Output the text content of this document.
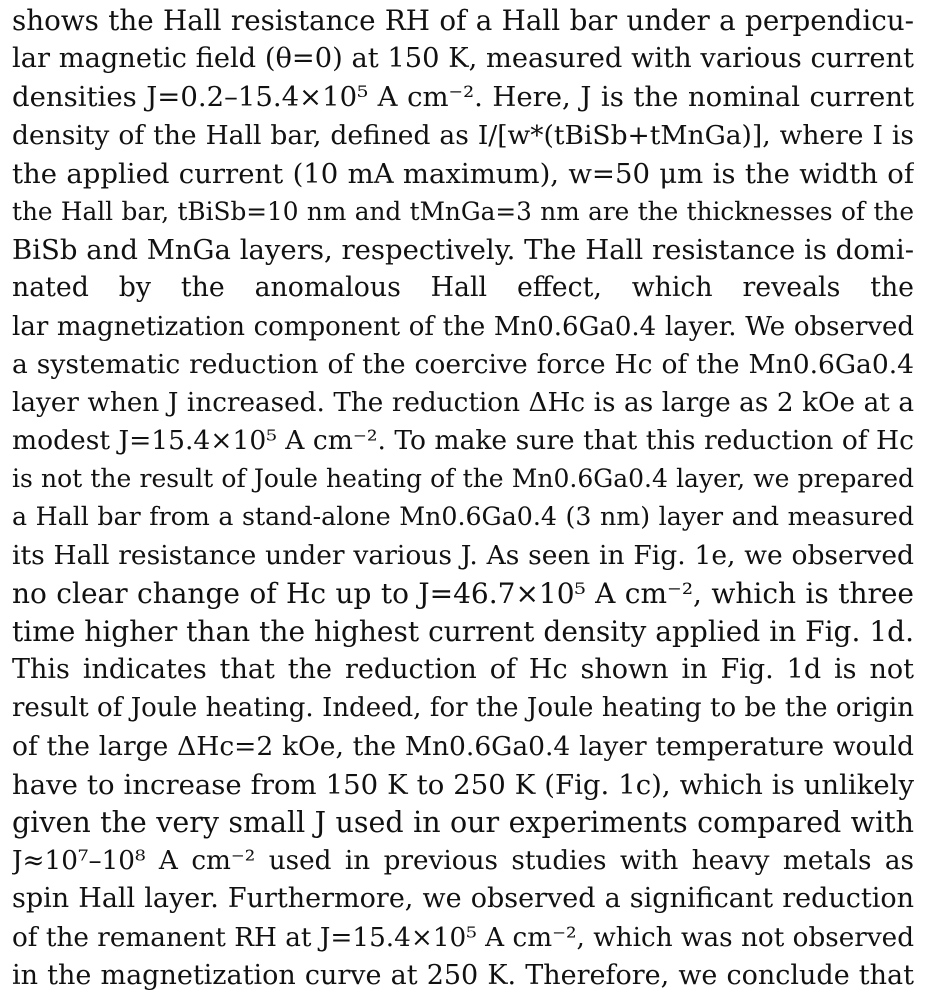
shows the Hall resistance RH of a Hall bar under a perpendicu-
lar magnetic field (θ=0) at 150 K, measured with various current
densities J=0.2–15.4×10⁵ A cm⁻². Here, J is the nominal current
density of the Hall bar, defined as I/[w*(tBiSb+tMnGa)], where I is
the applied current (10 mA maximum), w=50 μm is the width of
the Hall bar, tBiSb=10 nm and tMnGa=3 nm are the thicknesses of the
BiSb and MnGa layers, respectively. The Hall resistance is domi-
nated by the anomalous Hall effect, which reveals the
lar magnetization component of the Mn0.6Ga0.4 layer. We observed
a systematic reduction of the coercive force Hc of the Mn0.6Ga0.4
layer when J increased. The reduction ΔHc is as large as 2 kOe at a
modest J=15.4×10⁵ A cm⁻². To make sure that this reduction of Hc
is not the result of Joule heating of the Mn0.6Ga0.4 layer, we prepared
a Hall bar from a stand-alone Mn0.6Ga0.4 (3 nm) layer and measured
its Hall resistance under various J. As seen in Fig. 1e, we observed
no clear change of Hc up to J=46.7×10⁵ A cm⁻², which is three
time higher than the highest current density applied in Fig. 1d.
This indicates that the reduction of Hc shown in Fig. 1d is not
result of Joule heating. Indeed, for the Joule heating to be the origin
of the large ΔHc=2 kOe, the Mn0.6Ga0.4 layer temperature would
have to increase from 150 K to 250 K (Fig. 1c), which is unlikely
given the very small J used in our experiments compared with
J≈10⁷–10⁸ A cm⁻² used in previous studies with heavy metals as
spin Hall layer. Furthermore, we observed a significant reduction
of the remanent RH at J=15.4×10⁵ A cm⁻², which was not observed
in the magnetization curve at 250 K. Therefore, we conclude that
